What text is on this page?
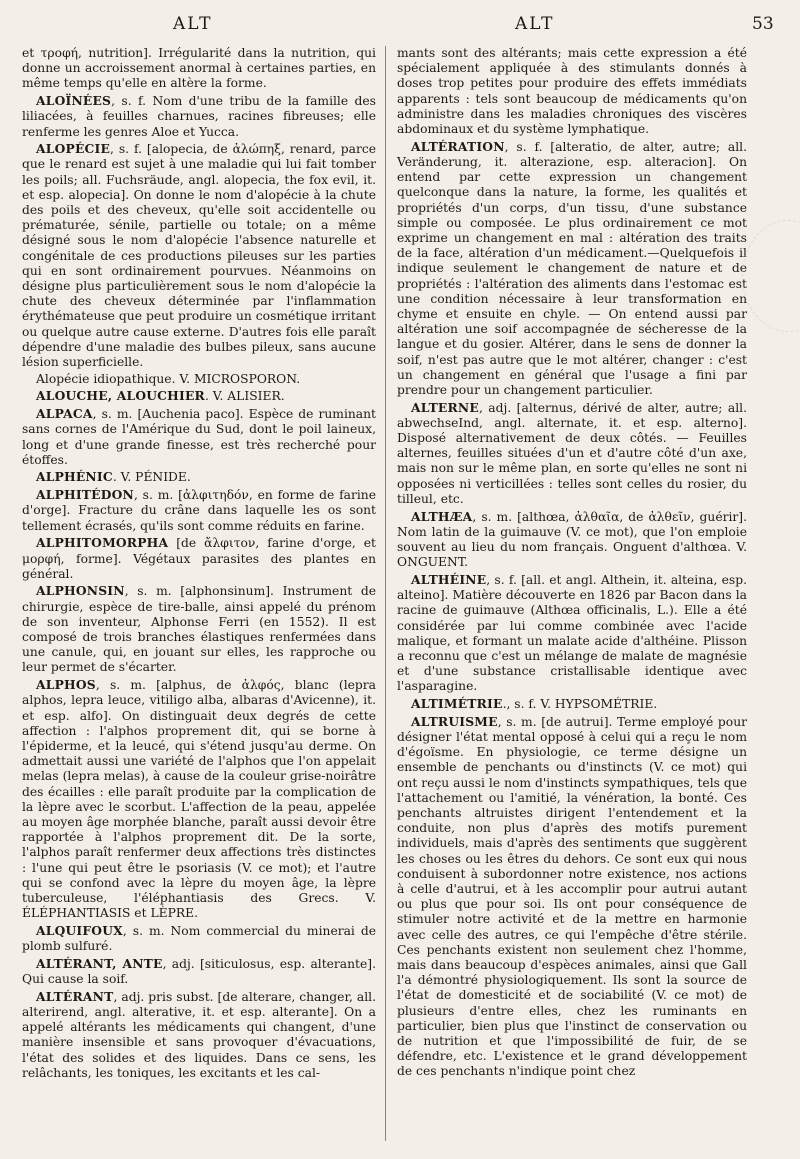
ALT	ALT	53

et τροφή, nutrition]. Irrégularité dans la nutrition, qui donne un accroissement anormal à certaines parties, en même temps qu'elle en altère la forme.

ALOÏNÉES, s. f. Nom d'une tribu de la famille des liliacées, à feuilles charnues, racines fibreuses; elle renferme les genres Aloe et Yucca.

ALOPÉCIE, s. f. [alopecia, de ἀλώπηξ, renard, parce que le renard est sujet à une maladie qui lui fait tomber les poils; all. Fuchsräude, angl. alopecia, the fox evil, it. et esp. alopecia]. On donne le nom d'alopécie à la chute des poils et des cheveux, qu'elle soit accidentelle ou prématurée, sénile, partielle ou totale; on a même désigné sous le nom d'alopécie l'absence naturelle et congénitale de ces productions pileuses sur les parties qui en sont ordinairement pourvues. Néanmoins on désigne plus particulièrement sous le nom d'alopécie la chute des cheveux déterminée par l'inflammation érythémateuse que peut produire un cosmétique irritant ou quelque autre cause externe. D'autres fois elle paraît dépendre d'une maladie des bulbes pileux, sans aucune lésion superficielle.

Alopécie idiopathique. V. MICROSPORON.

ALOUCHE, ALOUCHIER. V. ALISIER.

ALPACA, s. m. [Auchenia paco]. Espèce de ruminant sans cornes de l'Amérique du Sud, dont le poil laineux, long et d'une grande finesse, est très recherché pour étoffes.

ALPHÉNIC. V. PÉNIDE.

ALPHITÉDON, s. m. [ἀλφιτηδόν, en forme de farine d'orge]. Fracture du crâne dans laquelle les os sont tellement écrasés, qu'ils sont comme réduits en farine.

ALPHITOMORPHA [de ἄλφιτον, farine d'orge, et μορφή, forme]. Végétaux parasites des plantes en général.

ALPHONSIN, s. m. [alphonsinum]. Instrument de chirurgie, espèce de tire-balle, ainsi appelé du prénom de son inventeur, Alphonse Ferri (en 1552). Il est composé de trois branches élastiques renfermées dans une canule, qui, en jouant sur elles, les rapproche ou leur permet de s'écarter.

ALPHOS, s. m. [alphus, de ἀλφός, blanc (lepra alphos, lepra leuce, vitiligo alba, albaras d'Avicenne), it. et esp. alfo]. On distinguait deux degrés de cette affection : l'alphos proprement dit, qui se borne à l'épiderme, et la leucé, qui s'étend jusqu'au derme. On admettait aussi une variété de l'alphos que l'on appelait melas (lepra melas), à cause de la couleur grise-noirâtre des écailles : elle paraît produite par la complication de la lèpre avec le scorbut. L'affection de la peau, appelée au moyen âge morphée blanche, paraît aussi devoir être rapportée à l'alphos proprement dit. De la sorte, l'alphos paraît renfermer deux affections très distinctes : l'une qui peut être le psoriasis (V. ce mot); et l'autre qui se confond avec la lèpre du moyen âge, la lèpre tuberculeuse, l'éléphantiasis des Grecs. V. ÉLÉPHANTIASIS et LÈPRE.

ALQUIFOUX, s. m. Nom commercial du minerai de plomb sulfuré.

ALTÉRANT, ANTE, adj. [siticulosus, esp. alterante]. Qui cause la soif.

ALTÉRANT, adj. pris subst. [de alterare, changer, all. alterirend, angl. alterative, it. et esp. alterante]. On a appelé altérants les médicaments qui changent, d'une manière insensible et sans provoquer d'évacuations, l'état des solides et des liquides. Dans ce sens, les relâchants, les toniques, les excitants et les cal-

mants sont des altérants; mais cette expression a été spécialement appliquée à des stimulants donnés à doses trop petites pour produire des effets immédiats apparents : tels sont beaucoup de médicaments qu'on administre dans les maladies chroniques des viscères abdominaux et du système lymphatique.

ALTÉRATION, s. f. [alteratio, de alter, autre; all. Veränderung, it. alterazione, esp. alteracion]. On entend par cette expression un changement quelconque dans la nature, la forme, les qualités et propriétés d'un corps, d'un tissu, d'une substance simple ou composée. Le plus ordinairement ce mot exprime un changement en mal : altération des traits de la face, altération d'un médicament.—Quelquefois il indique seulement le changement de nature et de propriétés : l'altération des aliments dans l'estomac est une condition nécessaire à leur transformation en chyme et ensuite en chyle. — On entend aussi par altération une soif accompagnée de sécheresse de la langue et du gosier. Altérer, dans le sens de donner la soif, n'est pas autre que le mot altérer, changer : c'est un changement en général que l'usage a fini par prendre pour un changement particulier.

ALTERNE, adj. [alternus, dérivé de alter, autre; all. abwechseInd, angl. alternate, it. et esp. alterno]. Disposé alternativement de deux côtés. — Feuilles alternes, feuilles situées d'un et d'autre côté d'un axe, mais non sur le même plan, en sorte qu'elles ne sont ni opposées ni verticillées : telles sont celles du rosier, du tilleul, etc.

ALTHÆA, s. m. [althœa, ἀλθαῖα, de ἀλθεῖν, guérir]. Nom latin de la guimauve (V. ce mot), que l'on emploie souvent au lieu du nom français. Onguent d'althœa. V. ONGUENT.

ALTHÉINE, s. f. [all. et angl. Althein, it. alteina, esp. alteino]. Matière découverte en 1826 par Bacon dans la racine de guimauve (Althœa officinalis, L.). Elle a été considérée par lui comme combinée avec l'acide malique, et formant un malate acide d'althéine. Plisson a reconnu que c'est un mélange de malate de magnésie et d'une substance cristallisable identique avec l'asparagine.

ALTIMÉTRIE., s. f. V. HYPSOMÉTRIE.

ALTRUISME, s. m. [de autrui]. Terme employé pour désigner l'état mental opposé à celui qui a reçu le nom d'égoïsme. En physiologie, ce terme désigne un ensemble de penchants ou d'instincts (V. ce mot) qui ont reçu aussi le nom d'instincts sympathiques, tels que l'attachement ou l'amitié, la vénération, la bonté. Ces penchants altruistes dirigent l'entendement et la conduite, non plus d'après des motifs purement individuels, mais d'après des sentiments que suggèrent les choses ou les êtres du dehors. Ce sont eux qui nous conduisent à subordonner notre existence, nos actions à celle d'autrui, et à les accomplir pour autrui autant ou plus que pour soi. Ils ont pour conséquence de stimuler notre activité et de la mettre en harmonie avec celle des autres, ce qui l'empêche d'être stérile. Ces penchants existent non seulement chez l'homme, mais dans beaucoup d'espèces animales, ainsi que Gall l'a démontré physiologiquement. Ils sont la source de l'état de domesticité et de sociabilité (V. ce mot) de plusieurs d'entre elles, chez les ruminants en particulier, bien plus que l'instinct de conservation ou de nutrition et que l'impossibilité de fuir, de se défendre, etc. L'existence et le grand développement de ces penchants n'indique point chez
